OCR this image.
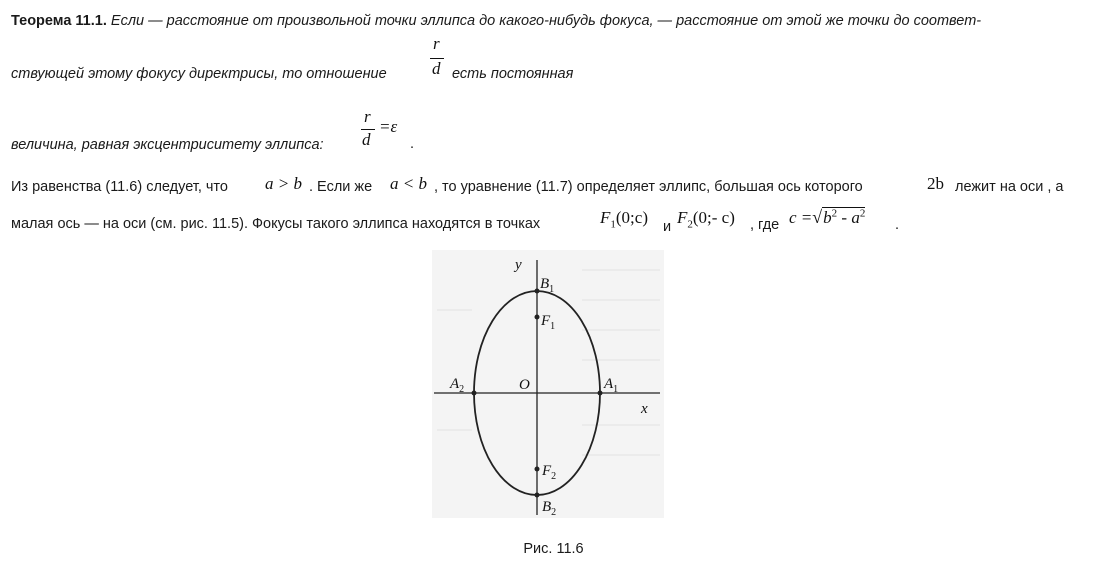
Теорема 11.1. Если — расстояние от произвольной точки эллипса до какого-нибудь фокуса, — расстояние от этой же точки до соответ-
r
d
ствующей этому фокусу директрисы, то отношение	есть постоянная
r
d
=ε
.
величина, равная эксцентриситету эллипса:
Из равенства (11.6) следует, что a > b . Если же a < b , то уравнение (11.7) определяет эллипс, большая ось которого	2b лежит на оси , а
малая ось — на оси (см. рис. 11.5). Фокусы такого эллипса находятся в точках	$F_1(0;c)$ и $F_2(0;-$ c) , где $c =√b^2 - a^2$
.
y
x
O
$B_1$
$F_1$
$A_2$	$A_1$
$F_2$
$B_2$
Рис. 11.6
